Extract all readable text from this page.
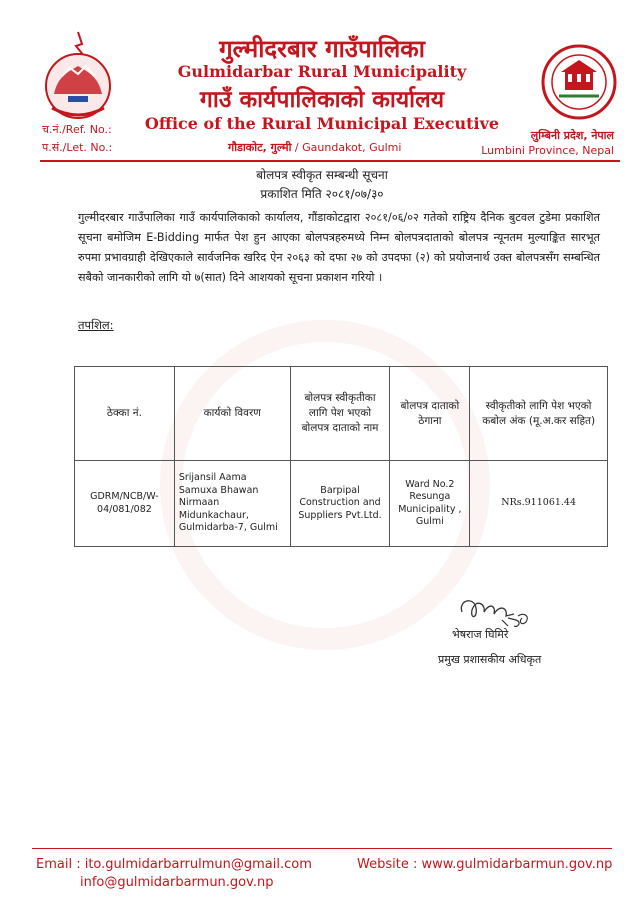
गुल्मीदरबार गाउँपालिका
Gulmidarbar Rural Municipality
गाउँ कार्यपालिकाको कार्यालय
Office of the Rural Municipal Executive
च.नं./Ref. No.:
प.सं./Let. No.:	गौडाकोट, गुल्मी / Gaundakot, Gulmi
लुम्बिनी प्रदेश, नेपाल
Lumbini Province, Nepal
बोलपत्र स्वीकृत सम्बन्धी सूचना
प्रकाशित मिति २०८१/०७/३०

गुल्मीदरबार गाउँपालिका गाउँ कार्यपालिकाको कार्यालय, गौंडाकोटद्वारा २०८१/०६/०२ गतेको राष्ट्रिय दैनिक बुटवल टुडेमा प्रकाशित सूचना बमोजिम E-Bidding मार्फत पेश हुन आएका बोलपत्रहरुमध्ये निम्न बोलपत्रदाताको बोलपत्र न्यूनतम मुल्याङ्कित सारभूत रुपमा प्रभावग्राही देखिएकाले सार्वजनिक खरिद ऐन २०६३ को दफा २७ को उपदफा (२) को प्रयोजनार्थ उक्त बोलपत्रसँग सम्बन्धित सबैको जानकारीको लागि यो ७(सात) दिने आशयको सूचना प्रकाशन गरियो ।

तपशिल:
ठेक्का नं.	कार्यको विवरण	बोलपत्र स्वीकृतीका लागि पेश भएको बोलपत्र दाताको नाम	बोलपत्र दाताको ठेगाना	स्वीकृतीको लागि पेश भएको कबोल अंक (मू.अ.कर सहित)
GDRM/NCB/W-04/081/082	Srijansil Aama Samuxa Bhawan Nirmaan Midunkachaur, Gulmidarba-7, Gulmi	Barpipal Construction and Suppliers Pvt.Ltd.	Ward No.2 Resunga Municipality , Gulmi	NRs.911061.44
भेषराज घिमिरे
प्रमुख प्रशासकीय अधिकृत
Email : ito.gulmidarbarrulmun@gmail.com
info@gulmidarbarmun.gov.np
Website : www.gulmidarbarmun.gov.np
